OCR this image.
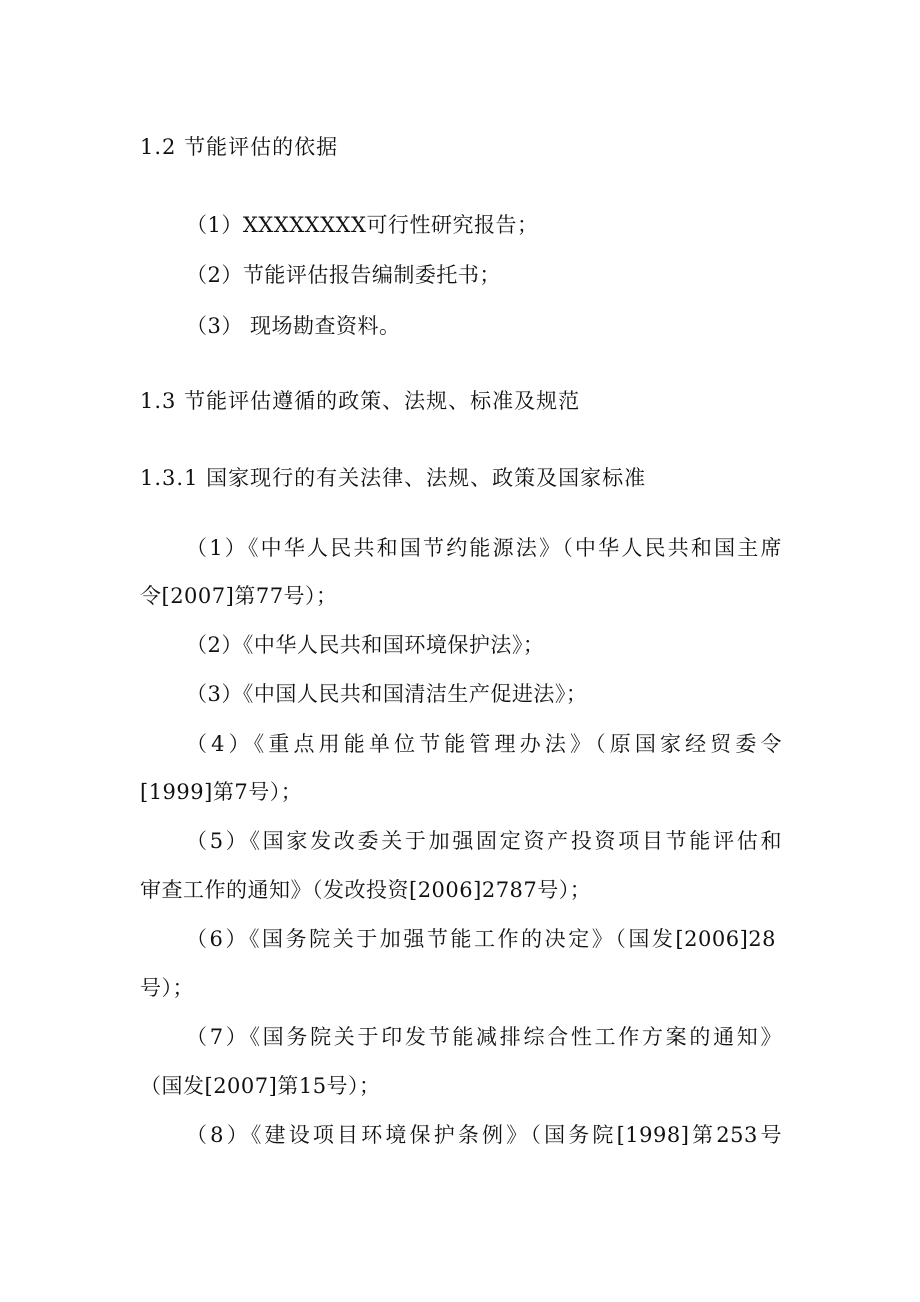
1.2 节能评估的依据

（1）XXXXXXXX可行性研究报告；

（2）节能评估报告编制委托书；

（3） 现场勘查资料。

1.3 节能评估遵循的政策、法规、标准及规范

1.3.1 国家现行的有关法律、法规、政策及国家标准

（1）《中华人民共和国节约能源法》（中华人民共和国主席

令[2007]第77号）；

（2）《中华人民共和国环境保护法》；

（3）《中国人民共和国清洁生产促进法》；

（4）《重点用能单位节能管理办法》（原国家经贸委令

[1999]第7号）；

（5）《国家发改委关于加强固定资产投资项目节能评估和

审查工作的通知》（发改投资[2006]2787号）；

（6）《国务院关于加强节能工作的决定》（国发[2006]28

号）；

（7）《国务院关于印发节能减排综合性工作方案的通知》

（国发[2007]第15号）；

（8）《建设项目环境保护条例》（国务院[1998]第253号
